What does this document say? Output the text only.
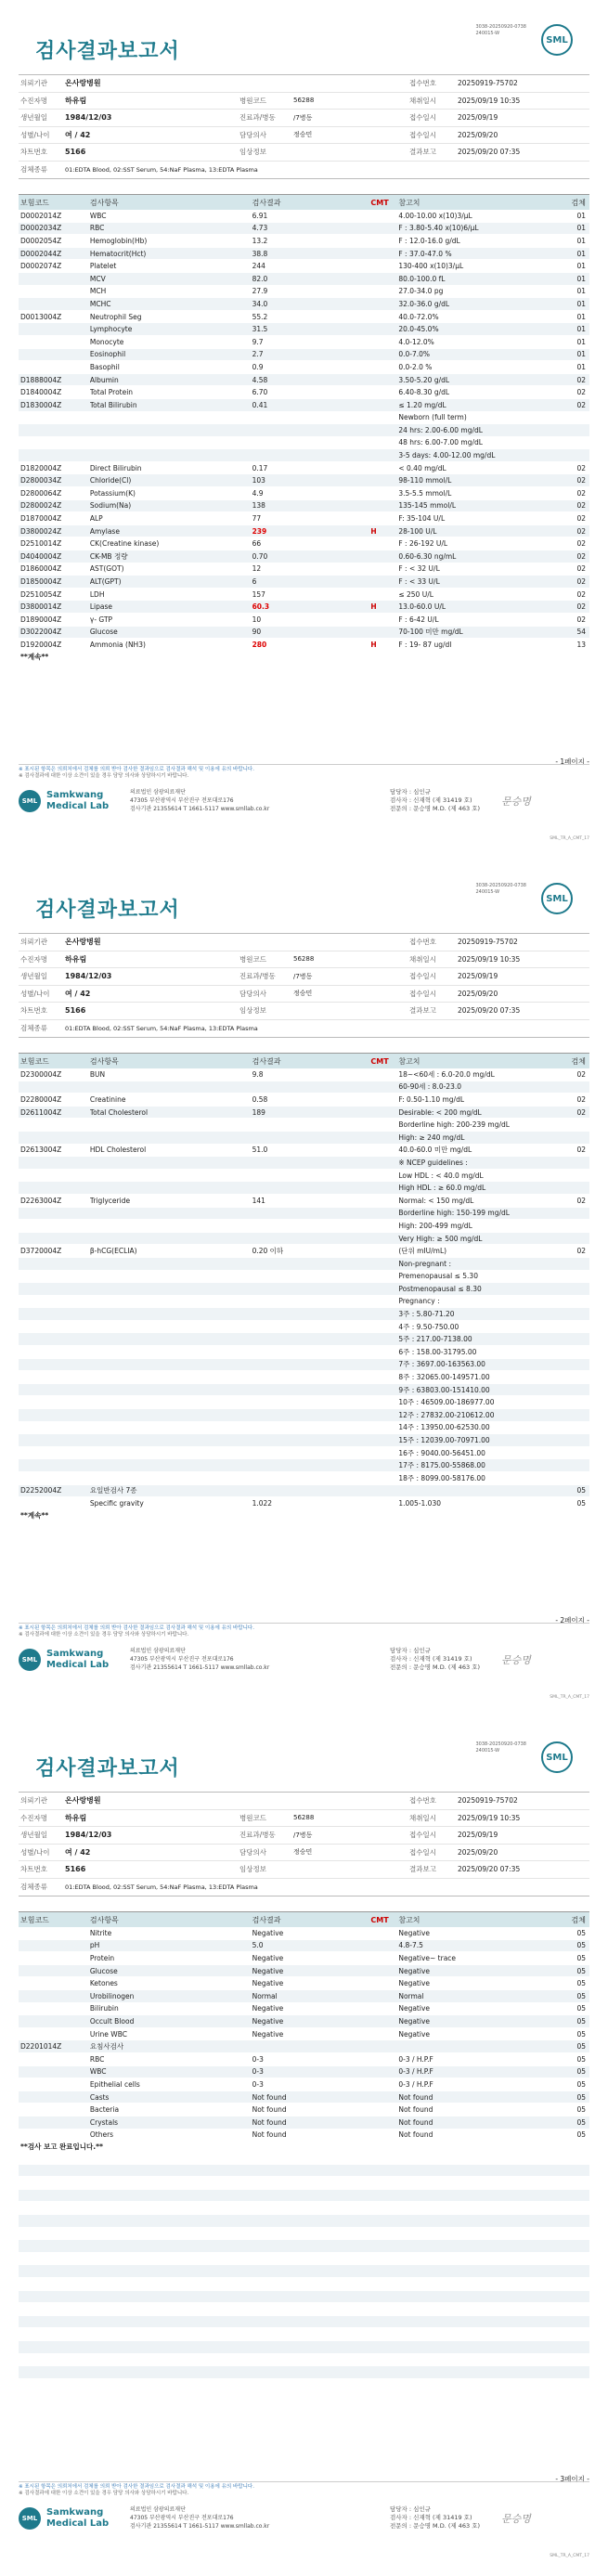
검사결과보고서
3038-20250920-0738
240015-W
SML
의뢰기관	온사랑병원	접수번호	20250919-75702
수진자명	하유림	병원코드	56288	채취일시	2025/09/19 10:35
생년월일	1984/12/03	진료과/병동	/7병동	접수일시	2025/09/19
성별/나이	여 / 42	담당의사	정승민	접수일시	2025/09/20
차트번호	5166	임상정보	결과보고	2025/09/20 07:35
검체종류	01:EDTA Blood, 02:SST Serum, 54:NaF Plasma, 13:EDTA Plasma
보험코드	검사항목	검사결과	CMT	참고치	검체
D0002014Z	WBC	6.91	4.00-10.00 x(10)3/μL	01
D0002034Z	RBC	4.73	F : 3.80-5.40 x(10)6/μL	01
D0002054Z	Hemoglobin(Hb)	13.2	F : 12.0-16.0 g/dL	01
D0002044Z	Hematocrit(Hct)	38.8	F : 37.0-47.0 %	01
D0002074Z	Platelet	244	130-400 x(10)3/μL	01
MCV	82.0	80.0-100.0 fL	01
MCH	27.9	27.0-34.0 pg	01
MCHC	34.0	32.0-36.0 g/dL	01
D0013004Z	Neutrophil Seg	55.2	40.0-72.0%	01
Lymphocyte	31.5	20.0-45.0%	01
Monocyte	9.7	4.0-12.0%	01
Eosinophil	2.7	0.0-7.0%	01
Basophil	0.9	0.0-2.0 %	01
D1888004Z	Albumin	4.58	3.50-5.20 g/dL	02
D1840004Z	Total Protein	6.70	6.40-8.30 g/dL	02
D1830004Z	Total Bilirubin	0.41	≤ 1.20 mg/dL	02
Newborn (full term)
24 hrs: 2.00-6.00 mg/dL
48 hrs: 6.00-7.00 mg/dL
3-5 days: 4.00-12.00 mg/dL
D1820004Z	Direct Bilirubin	0.17	< 0.40 mg/dL	02
D2800034Z	Chloride(Cl)	103	98-110 mmol/L	02
D2800064Z	Potassium(K)	4.9	3.5-5.5 mmol/L	02
D2800024Z	Sodium(Na)	138	135-145 mmol/L	02
D1870004Z	ALP	77	F: 35-104 U/L	02
D3800024Z	Amylase	239	H	28-100 U/L	02
D2510014Z	CK(Creatine kinase)	66	F : 26-192 U/L	02
D4040004Z	CK-MB 정량	0.70	0.60-6.30 ng/mL	02
D1860004Z	AST(GOT)	12	F : < 32 U/L	02
D1850004Z	ALT(GPT)	6	F : < 33 U/L	02
D2510054Z	LDH	157	≤ 250 U/L	02
D3800014Z	Lipase	60.3	H	13.0-60.0 U/L	02
D1890004Z	γ- GTP	10	F : 6-42 U/L	02
D3022004Z	Glucose	90	70-100 미만 mg/dL	54
D1920004Z	Ammonia (NH3)	280	H	F : 19- 87 ug/dl	13
**계속**
- 1페이지 -
※ 표시된 항목은 의뢰처에서 검체를 의뢰 받아 검사한 결과임으로 검사결과 해석 및 이용에 유의 바랍니다.
※ 검사결과에 대한 이상 소견이 있을 경우 담당 의사와 상담하시기 바랍니다.
SML
Samkwang
Medical Lab
의료법인 삼광의료재단
47305 부산광역시 부산진구 전포대로176
검사기관 21355614 T 1661-5117 www.smllab.co.kr
담당자 : 심인규
검사자 : 신재혁 (제 31419 호)
전문의 : 문승명 M.D. (제 463 호)
문승명
SML_TR_A_CMT_17
검사결과보고서
3038-20250920-0738
240015-W
SML
의뢰기관	온사랑병원	접수번호	20250919-75702
수진자명	하유림	병원코드	56288	채취일시	2025/09/19 10:35
생년월일	1984/12/03	진료과/병동	/7병동	접수일시	2025/09/19
성별/나이	여 / 42	담당의사	정승민	접수일시	2025/09/20
차트번호	5166	임상정보	결과보고	2025/09/20 07:35
검체종류	01:EDTA Blood, 02:SST Serum, 54:NaF Plasma, 13:EDTA Plasma
보험코드	검사항목	검사결과	CMT	참고치	검체
D2300004Z	BUN	9.8	18~<60세 : 6.0-20.0 mg/dL	02
60-90세 : 8.0-23.0
D2280004Z	Creatinine	0.58	F: 0.50-1.10 mg/dL	02
D2611004Z	Total Cholesterol	189	Desirable: < 200 mg/dL	02
Borderline high: 200-239 mg/dL
High: ≥ 240 mg/dL
D2613004Z	HDL Cholesterol	51.0	40.0-60.0 미만 mg/dL	02
※ NCEP guidelines :
Low HDL : < 40.0 mg/dL
High HDL : ≥ 60.0 mg/dL
D2263004Z	Triglyceride	141	Normal: < 150 mg/dL	02
Borderline high: 150-199 mg/dL
High: 200-499 mg/dL
Very High: ≥ 500 mg/dL
D3720004Z	β-hCG(ECLIA)	0.20 이하	(단위 mIU/mL)	02
Non-pregnant :
Premenopausal ≤ 5.30
Postmenopausal ≤ 8.30
Pregnancy :
3주 : 5.80-71.20
4주 : 9.50-750.00
5주 : 217.00-7138.00
6주 : 158.00-31795.00
7주 : 3697.00-163563.00
8주 : 32065.00-149571.00
9주 : 63803.00-151410.00
10주 : 46509.00-186977.00
12주 : 27832.00-210612.00
14주 : 13950.00-62530.00
15주 : 12039.00-70971.00
16주 : 9040.00-56451.00
17주 : 8175.00-55868.00
18주 : 8099.00-58176.00
D2252004Z	요일반검사 7종	05
Specific gravity	1.022	1.005-1.030	05
**계속**
- 2페이지 -
※ 표시된 항목은 의뢰처에서 검체를 의뢰 받아 검사한 결과임으로 검사결과 해석 및 이용에 유의 바랍니다.
※ 검사결과에 대한 이상 소견이 있을 경우 담당 의사와 상담하시기 바랍니다.
SML
Samkwang
Medical Lab
의료법인 삼광의료재단
47305 부산광역시 부산진구 전포대로176
검사기관 21355614 T 1661-5117 www.smllab.co.kr
담당자 : 심인규
검사자 : 신재혁 (제 31419 호)
전문의 : 문승명 M.D. (제 463 호)
문승명
SML_TR_A_CMT_17
검사결과보고서
3038-20250920-0738
240015-W
SML
의뢰기관	온사랑병원	접수번호	20250919-75702
수진자명	하유림	병원코드	56288	채취일시	2025/09/19 10:35
생년월일	1984/12/03	진료과/병동	/7병동	접수일시	2025/09/19
성별/나이	여 / 42	담당의사	정승민	접수일시	2025/09/20
차트번호	5166	임상정보	결과보고	2025/09/20 07:35
검체종류	01:EDTA Blood, 02:SST Serum, 54:NaF Plasma, 13:EDTA Plasma
보험코드	검사항목	검사결과	CMT	참고치	검체
Nitrite	Negative	Negative	05
pH	5.0	4.8-7.5	05
Protein	Negative	Negative~ trace	05
Glucose	Negative	Negative	05
Ketones	Negative	Negative	05
Urobilinogen	Normal	Normal	05
Bilirubin	Negative	Negative	05
Occult Blood	Negative	Negative	05
Urine WBC	Negative	Negative	05
D2201014Z	요침사검사	05
RBC	0-3	0-3 / H.P.F	05
WBC	0-3	0-3 / H.P.F	05
Epithelial cells	0-3	0-3 / H.P.F	05
Casts	Not found	Not found	05
Bacteria	Not found	Not found	05
Crystals	Not found	Not found	05
Others	Not found	Not found	05
**검사 보고 완료입니다.**
- 3페이지 -
※ 표시된 항목은 의뢰처에서 검체를 의뢰 받아 검사한 결과임으로 검사결과 해석 및 이용에 유의 바랍니다.
※ 검사결과에 대한 이상 소견이 있을 경우 담당 의사와 상담하시기 바랍니다.
SML
Samkwang
Medical Lab
의료법인 삼광의료재단
47305 부산광역시 부산진구 전포대로176
검사기관 21355614 T 1661-5117 www.smllab.co.kr
담당자 : 심인규
검사자 : 신재혁 (제 31419 호)
전문의 : 문승명 M.D. (제 463 호)
문승명
SML_TR_A_CMT_17
